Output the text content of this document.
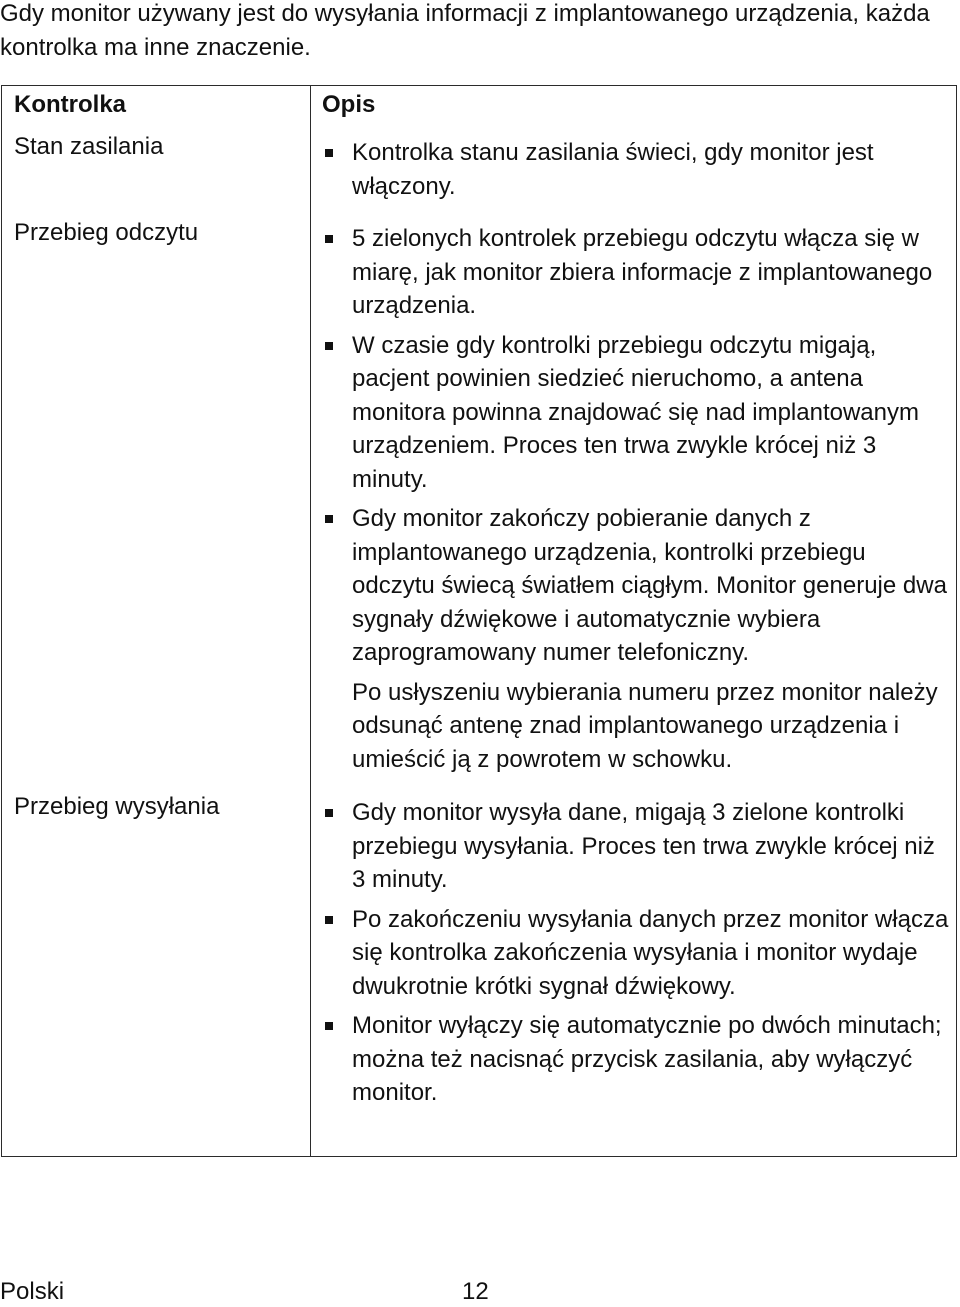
Gdy monitor używany jest do wysyłania informacji z implantowanego urządzenia, każda kontrolka ma inne znaczenie.

Kontrolka	Opis
Stan zasilania	Kontrolka stanu zasilania świeci, gdy monitor jest włączony.
Przebieg odczytu	5 zielonych kontrolek przebiegu odczytu włącza się w miarę, jak monitor zbiera informacje z implantowanego urządzenia.
W czasie gdy kontrolki przebiegu odczytu migają, pacjent powinien siedzieć nieruchomo, a antena monitora powinna znajdować się nad implantowanym urządzeniem. Proces ten trwa zwykle krócej niż 3 minuty.
Gdy monitor zakończy pobieranie danych z implantowanego urządzenia, kontrolki przebiegu odczytu świecą światłem ciągłym. Monitor generuje dwa sygnały dźwiękowe i automatycznie wybiera zaprogramowany numer telefoniczny.

Po usłyszeniu wybierania numeru przez monitor należy odsunąć antenę znad implantowanego urządzenia i umieścić ją z powrotem w schowku.

Przebieg wysyłania	Gdy monitor wysyła dane, migają 3 zielone kontrolki przebiegu wysyłania. Proces ten trwa zwykle krócej niż 3 minuty.
Po zakończeniu wysyłania danych przez monitor włącza się kontrolka zakończenia wysyłania i monitor wydaje dwukrotnie krótki sygnał dźwiękowy.
Monitor wyłączy się automatycznie po dwóch minutach; można też nacisnąć przycisk zasilania, aby wyłączyć monitor.
Polski	12
